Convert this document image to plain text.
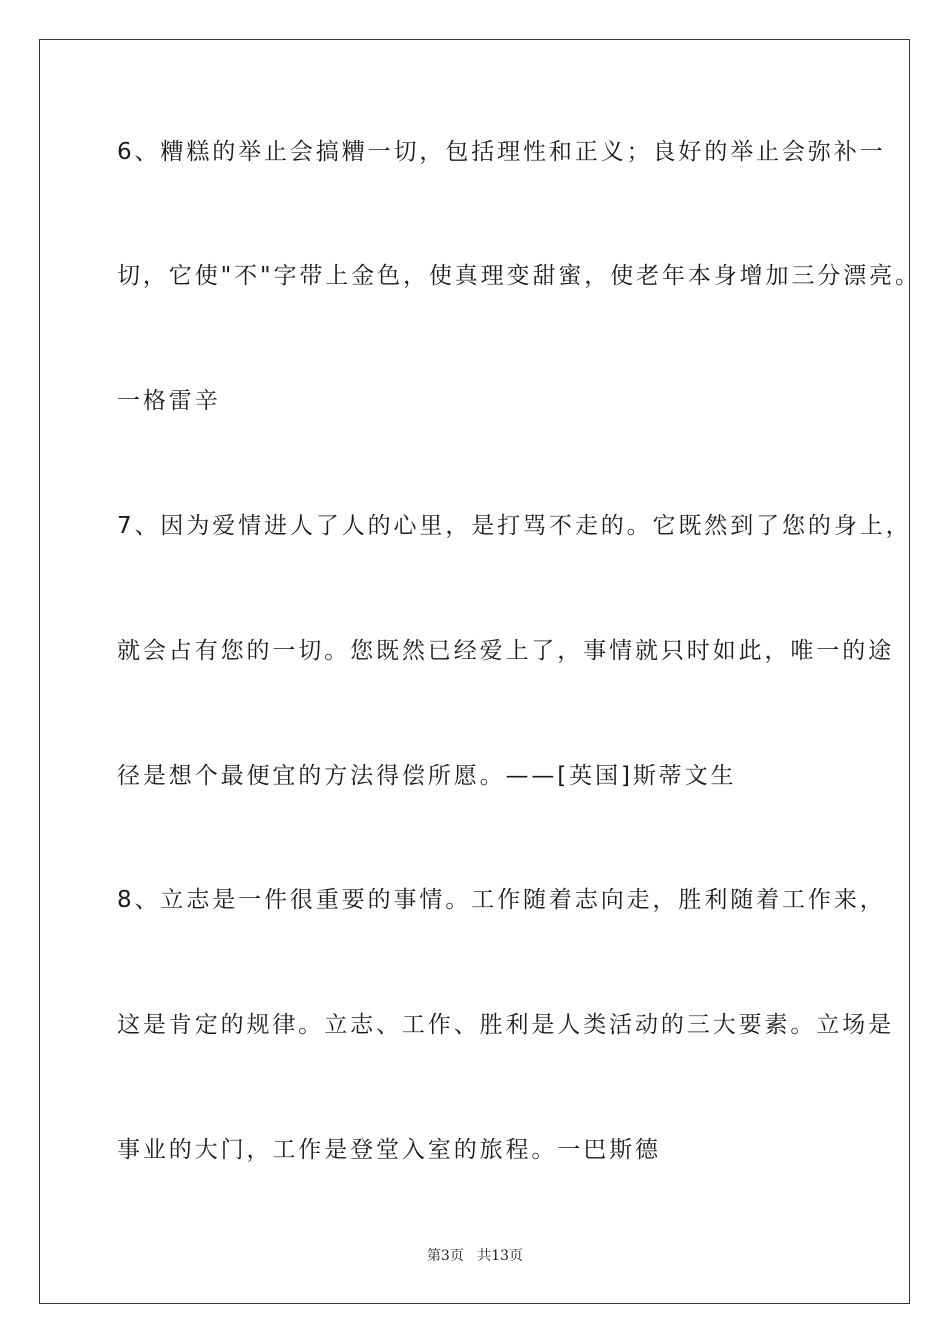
6、糟糕的举止会搞糟一切，包括理性和正义；良好的举止会弥补一
切，它使"不"字带上金色，使真理变甜蜜，使老年本身增加三分漂亮。
一格雷辛
7、因为爱情进人了人的心里，是打骂不走的。它既然到了您的身上，
就会占有您的一切。您既然已经爱上了，事情就只时如此，唯一的途
径是想个最便宜的方法得偿所愿。——[英国]斯蒂文生
8、立志是一件很重要的事情。工作随着志向走，胜利随着工作来，
这是肯定的规律。立志、工作、胜利是人类活动的三大要素。立场是
事业的大门，工作是登堂入室的旅程。一巴斯德
第3页 共13页
